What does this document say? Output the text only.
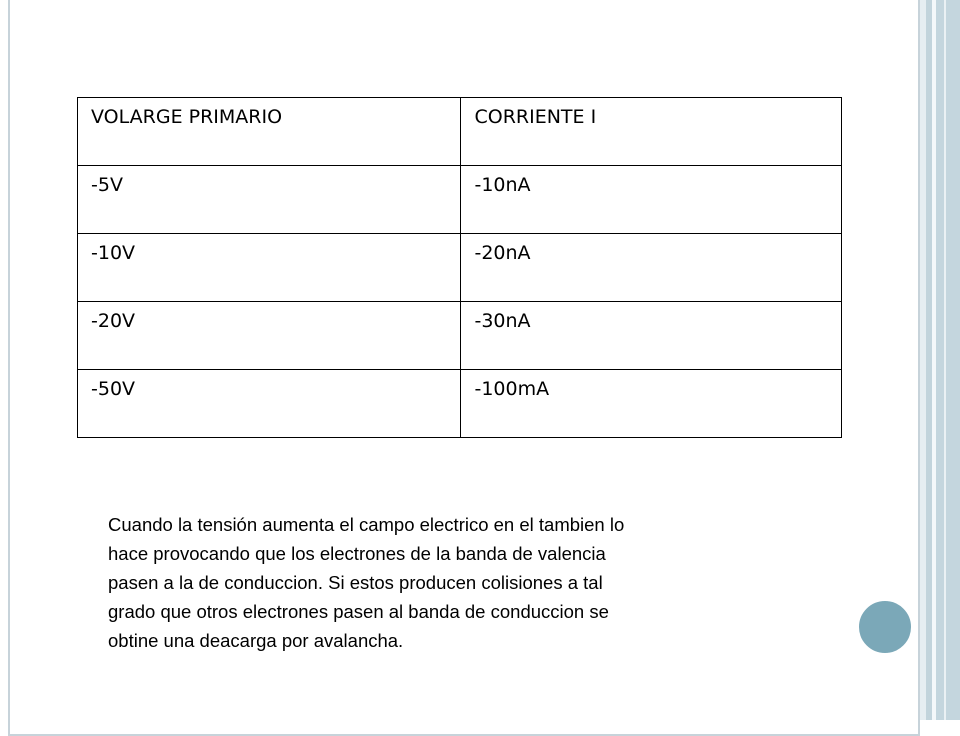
VOLARGE PRIMARIO	CORRIENTE I
-5V	-10nA
-10V	-20nA
-20V	-30nA
-50V	-100mA
Cuando la tensión aumenta el campo electrico en el tambien lo
hace provocando que los electrones de la banda de valencia
pasen a la de conduccion. Si estos producen colisiones a tal
grado que otros electrones pasen al banda de conduccion se
obtine una deacarga por avalancha.
